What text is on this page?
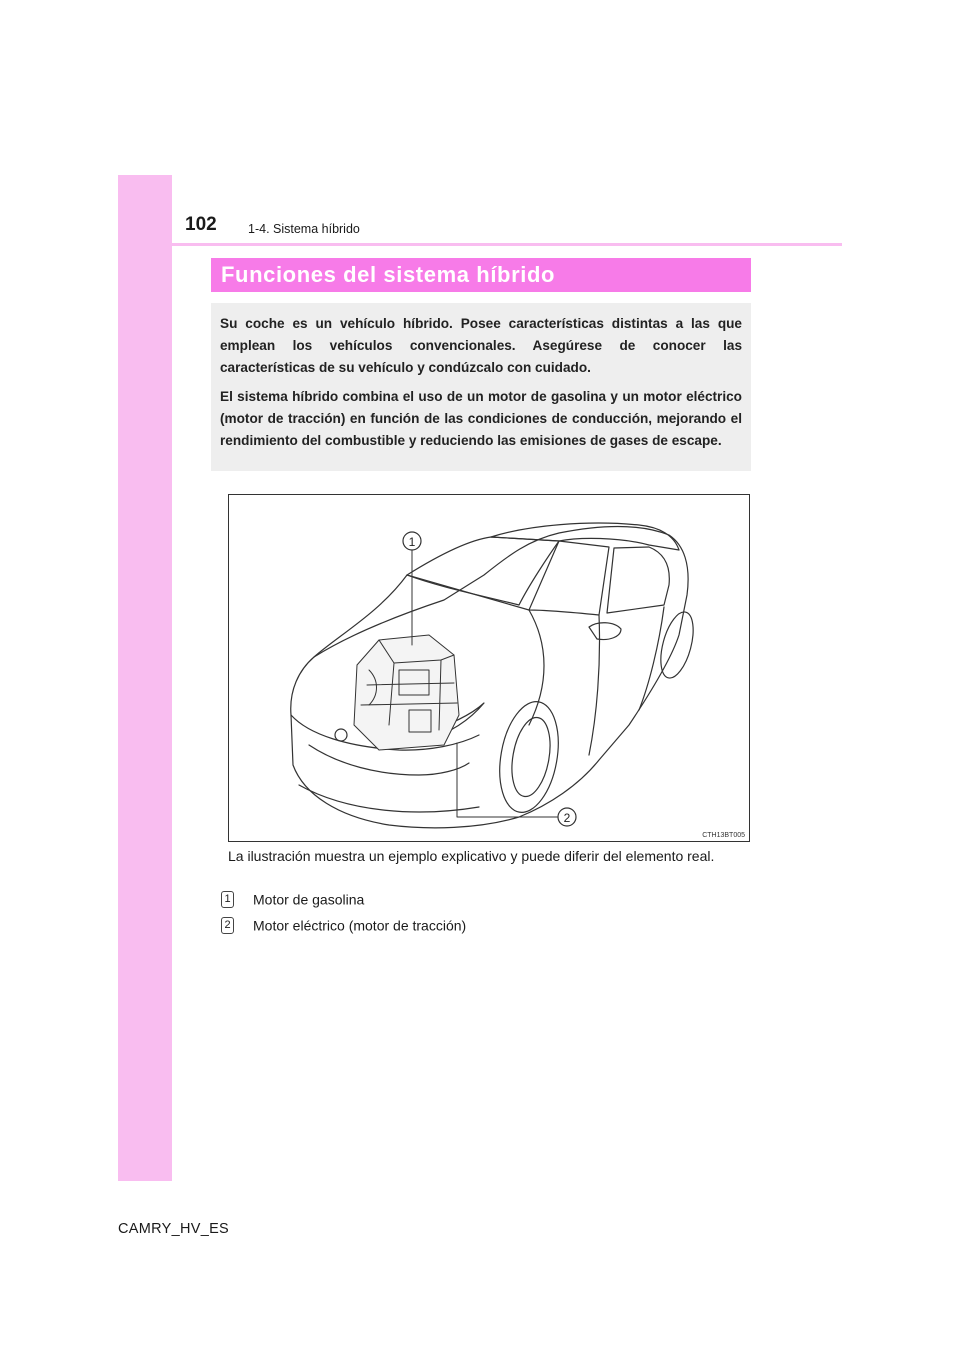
102	1-4. Sistema híbrido
Funciones del sistema híbrido

Su coche es un vehículo híbrido. Posee características distintas a las que emplean los vehículos convencionales. Asegúrese de conocer las características de su vehículo y condúzcalo con cuidado.

El sistema híbrido combina el uso de un motor de gasolina y un motor eléctrico (motor de tracción) en función de las condiciones de conducción, mejorando el rendimiento del combustible y reduciendo las emisiones de gases de escape.

1
2
CTH13BT005
La ilustración muestra un ejemplo explicativo y puede diferir del elemento real.
1 Motor de gasolina
2 Motor eléctrico (motor de tracción)
CAMRY_HV_ES
